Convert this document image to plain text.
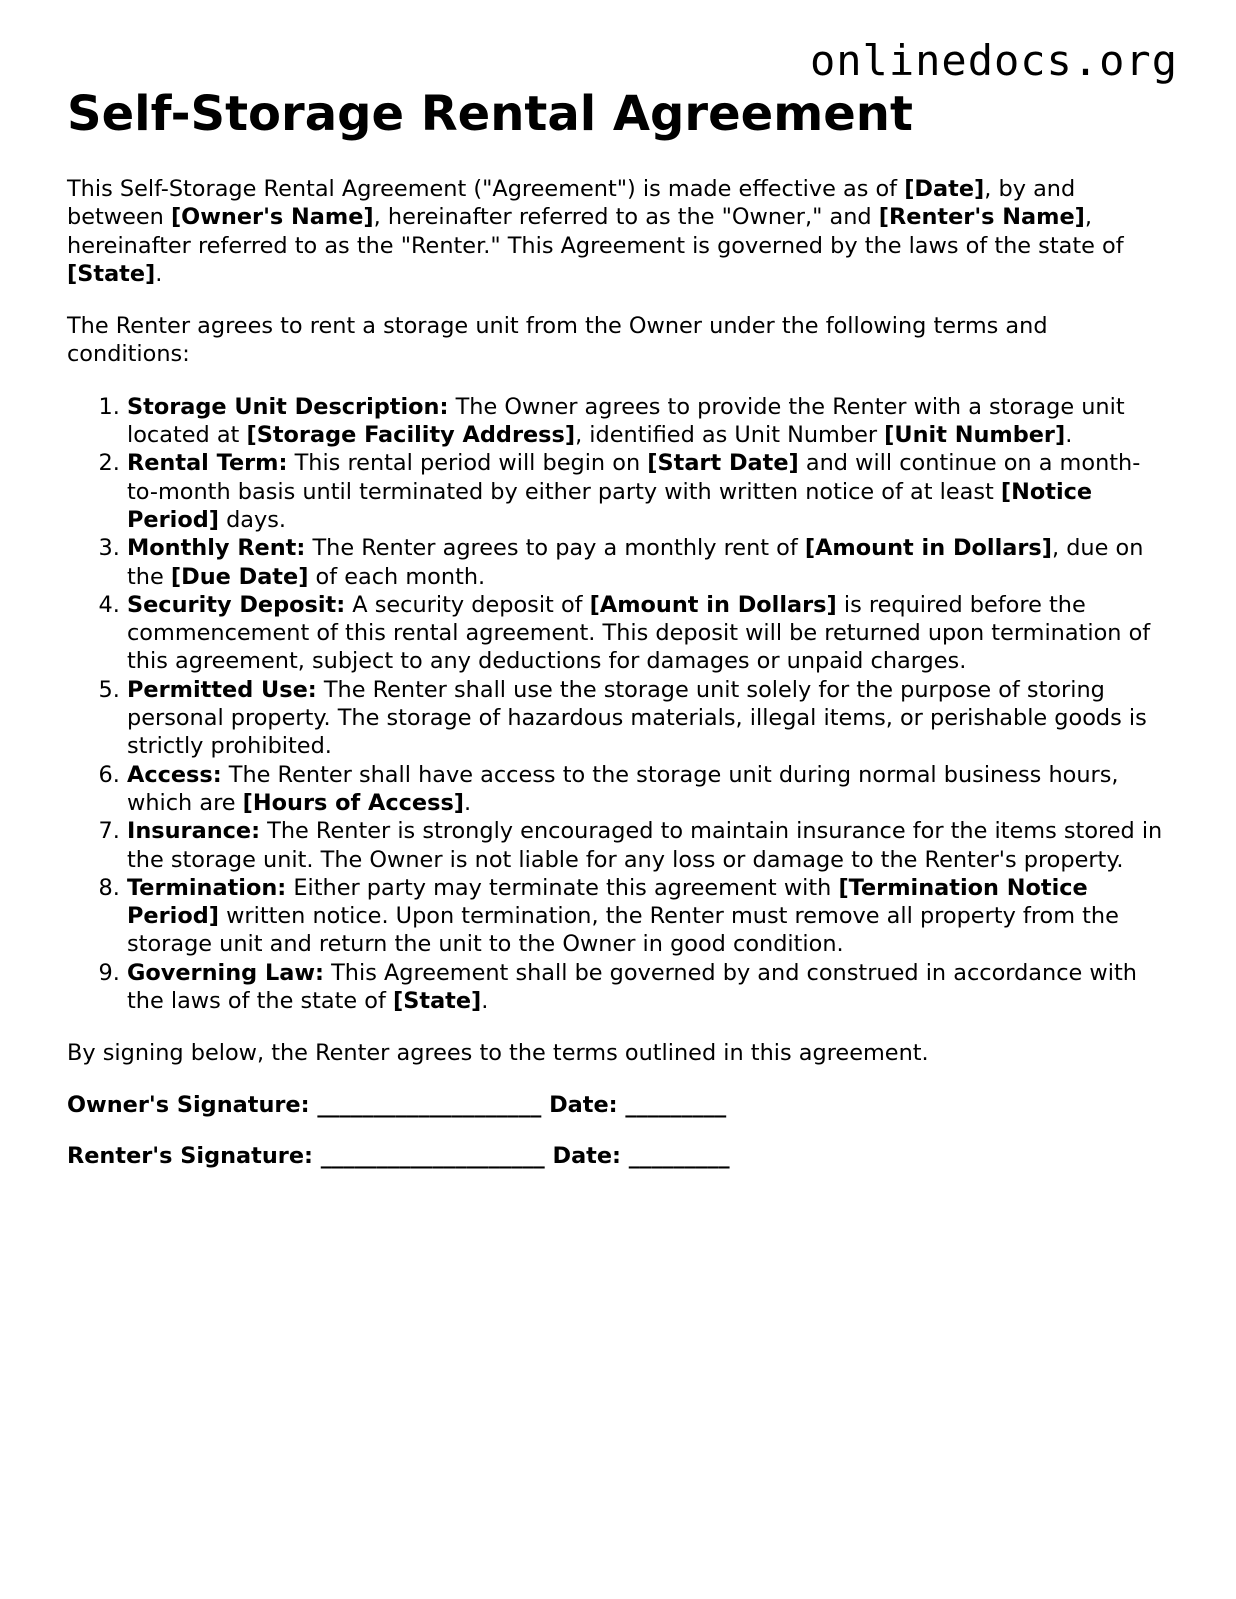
onlinedocs.org
Self-Storage Rental Agreement

This Self-Storage Rental Agreement ("Agreement") is made effective as of [Date], by and between [Owner's Name], hereinafter referred to as the "Owner," and [Renter's Name], hereinafter referred to as the "Renter." This Agreement is governed by the laws of the state of [State].

The Renter agrees to rent a storage unit from the Owner under the following terms and conditions:

1. Storage Unit Description: The Owner agrees to provide the Renter with a storage unit located at [Storage Facility Address], identified as Unit Number [Unit Number].
2. Rental Term: This rental period will begin on [Start Date] and will continue on a month-to-month basis until terminated by either party with written notice of at least [Notice Period] days.
3. Monthly Rent: The Renter agrees to pay a monthly rent of [Amount in Dollars], due on the [Due Date] of each month.
4. Security Deposit: A security deposit of [Amount in Dollars] is required before the commencement of this rental agreement. This deposit will be returned upon termination of this agreement, subject to any deductions for damages or unpaid charges.
5. Permitted Use: The Renter shall use the storage unit solely for the purpose of storing personal property. The storage of hazardous materials, illegal items, or perishable goods is strictly prohibited.
6. Access: The Renter shall have access to the storage unit during normal business hours, which are [Hours of Access].
7. Insurance: The Renter is strongly encouraged to maintain insurance for the items stored in the storage unit. The Owner is not liable for any loss or damage to the Renter's property.
8. Termination: Either party may terminate this agreement with [Termination Notice Period] written notice. Upon termination, the Renter must remove all property from the storage unit and return the unit to the Owner in good condition.
9. Governing Law: This Agreement shall be governed by and construed in accordance with the laws of the state of [State].

By signing below, the Renter agrees to the terms outlined in this agreement.

Owner's Signature: ____________________ Date: _________

Renter's Signature: ____________________ Date: _________
